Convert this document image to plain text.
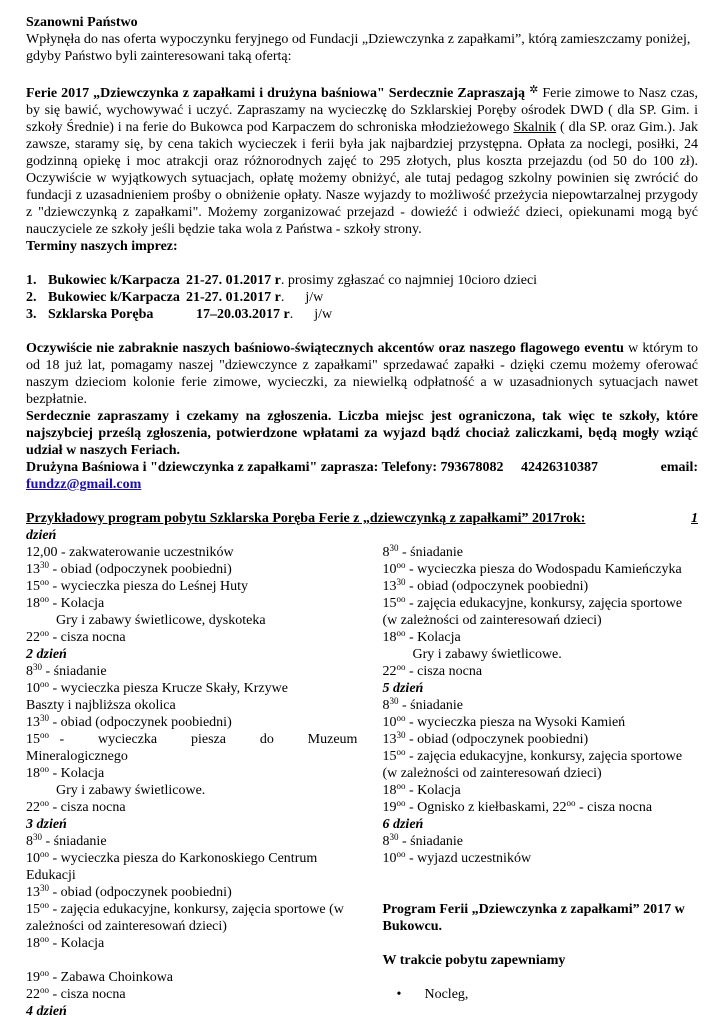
Szanowni Państwo

Wpłynęła do nas oferta wypoczynku feryjnego od Fundacji „Dziewczynka z zapałkami”, którą zamieszczamy poniżej, gdyby Państwo byli zainteresowani taką ofertą:

Ferie 2017 „Dziewczynka z zapałkami i drużyna baśniowa" Serdecznie Zapraszają ✲ Ferie zimowe to Nasz czas, by się bawić, wychowywać i uczyć. Zapraszamy na wycieczkę do Szklarskiej Poręby ośrodek DWD ( dla SP. Gim. i szkoły Średnie) i na ferie do Bukowca pod Karpaczem do schroniska młodzieżowego Skalnik ( dla SP. oraz Gim.). Jak zawsze, staramy się, by cena takich wycieczek i ferii była jak najbardziej przystępna. Opłata za noclegi, posiłki, 24 godzinną opiekę i moc atrakcji oraz różnorodnych zajęć to 295 złotych, plus koszta przejazdu (od 50 do 100 zł). Oczywiście w wyjątkowych sytuacjach, opłatę możemy obniżyć, ale tutaj pedagog szkolny powinien się zwrócić do fundacji z uzasadnieniem prośby o obniżenie opłaty. Nasze wyjazdy to możliwość przeżycia niepowtarzalnej przygody z "dziewczynką z zapałkami". Możemy zorganizować przejazd - dowieźć i odwieźć dzieci, opiekunami mogą być nauczyciele ze szkoły jeśli będzie taka wola z Państwa - szkoły strony.

Terminy naszych imprez:

1. Bukowiec k/Karpacza 21-27. 01.2017 r . prosimy zgłaszać co najmniej 10cioro dzieci
2. Bukowiec k/Karpacza 21-27. 01.2017 r .      j/w
3. Szklarska Poręba	17–20.03.2017 r .      j/w

Oczywiście nie zabraknie naszych baśniowo-świątecznych akcentów oraz naszego flagowego eventu w którym to od 18 już lat, pomagamy naszej "dziewczynce z zapałkami" sprzedawać zapałki - dzięki czemu możemy oferować naszym dzieciom kolonie ferie zimowe, wycieczki, za niewielką odpłatność a w uzasadnionych sytuacjach nawet bezpłatnie.

Serdecznie zapraszamy i czekamy na zgłoszenia. Liczba miejsc jest ograniczona, tak więc te szkoły, które najszybciej prześlą zgłoszenia, potwierdzone wpłatami za wyjazd bądź chociaż zaliczkami, będą mogły wziąć udział w naszych Feriach.

Drużyna Baśniowa i "dziewczynka z zapałkami" zaprasza: Telefony: 793678082 42426310387	email:

fundzz@gmail.com

Przykładowy program pobytu Szklarska Poręba Ferie z „dziewczynką z zapałkami” 2017rok:	1

dzień
12,00 - zakwaterowanie uczestników
$13^{30}$ - obiad (odpoczynek poobiedni)
$15^{oo}$ - wycieczka piesza do Leśnej Huty
$18^{oo}$ - Kolacja
Gry i zabawy świetlicowe, dyskoteka
$22^{oo}$ - cisza nocna
2 dzień
$8^{30}$ - śniadanie
$10^{oo}$ - wycieczka piesza Krucze Skały, Krzywe
Baszty i najbliższa okolica
$13^{30}$ - obiad (odpoczynek poobiedni)
$15^{oo}$ - wycieczka piesza do Muzeum
Mineralogicznego
$18^{oo}$ - Kolacja
Gry i zabawy świetlicowe.
$22^{oo}$ - cisza nocna
3 dzień
$8^{30}$ - śniadanie
$10^{oo}$ - wycieczka piesza do Karkonoskiego Centrum Edukacji
$13^{30}$ - obiad (odpoczynek poobiedni)
$15^{oo}$ - zajęcia edukacyjne, konkursy, zajęcia sportowe (w zależności od zainteresowań dzieci)
$18^{oo}$ - Kolacja
$19^{oo}$ - Zabawa Choinkowa
$22^{oo}$ - cisza nocna
4 dzień
$8^{30}$ - śniadanie
$10^{oo}$ - wycieczka piesza do Wodospadu Kamieńczyka
$13^{30}$ - obiad (odpoczynek poobiedni)
$15^{oo}$ - zajęcia edukacyjne, konkursy, zajęcia sportowe (w zależności od zainteresowań dzieci)
$18^{oo}$ - Kolacja
Gry i zabawy świetlicowe.
$22^{oo}$ - cisza nocna
5 dzień
$8^{30}$ - śniadanie
$10^{oo}$ - wycieczka piesza na Wysoki Kamień
$13^{30}$ - obiad (odpoczynek poobiedni)
$15^{oo}$ - zajęcia edukacyjne, konkursy, zajęcia sportowe (w zależności od zainteresowań dzieci)
$18^{oo}$ - Kolacja
$19^{oo}$ - Ognisko z kiełbaskami, $22^{oo}$ - cisza nocna
6 dzień
$8^{30}$ - śniadanie
$10^{oo}$ - wyjazd uczestników
Program Ferii „Dziewczynka z zapałkami” 2017 w Bukowcu.
W trakcie pobytu zapewniamy
•	Nocleg,
